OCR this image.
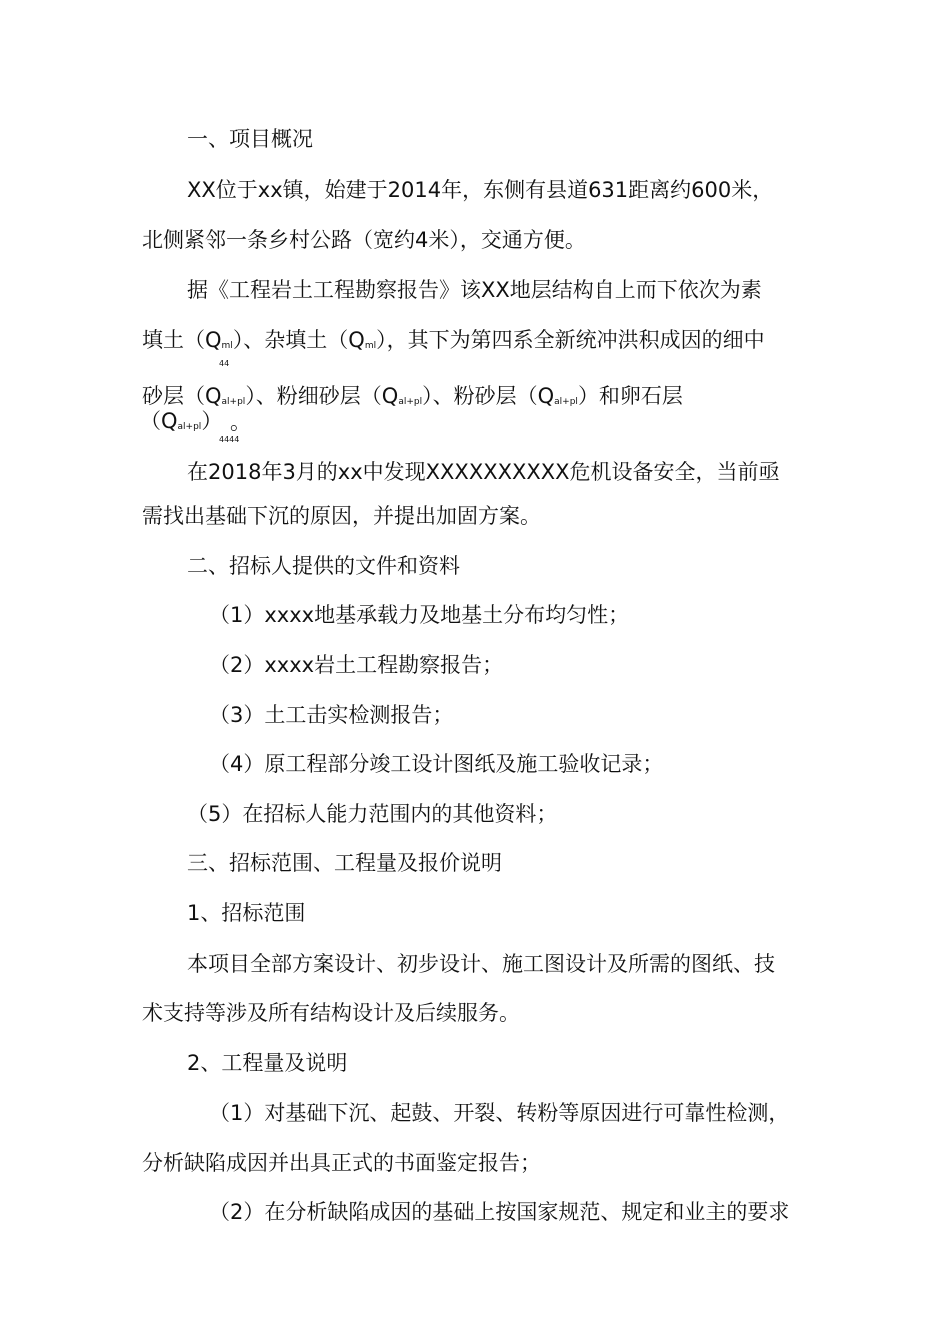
一、项目概况
XX位于xx镇，始建于2014年，东侧有县道631距离约600米，
北侧紧邻一条乡村公路（宽约4米），交通方便。
据《工程岩土工程勘察报告》该XX地层结构自上而下依次为素
填土（Qml）、杂填土（Qml），其下为第四系全新统冲洪积成因的细中
44
砂层（Qal+pl）、粉细砂层（Qal+pl）、粉砂层（Qal+pl）和卵石层
（Qal+pl） 。
4444
在2018年3月的xx中发现XXXXXXXXXX危机设备安全，当前亟
需找出基础下沉的原因，并提出加固方案。
二、招标人提供的文件和资料
（1）xxxx地基承载力及地基土分布均匀性；
（2）xxxx岩土工程勘察报告；
（3）土工击实检测报告；
（4）原工程部分竣工设计图纸及施工验收记录；
（5）在招标人能力范围内的其他资料；
三、招标范围、工程量及报价说明
1、招标范围
本项目全部方案设计、初步设计、施工图设计及所需的图纸、技
术支持等涉及所有结构设计及后续服务。
2、工程量及说明
（1）对基础下沉、起鼓、开裂、转粉等原因进行可靠性检测，
分析缺陷成因并出具正式的书面鉴定报告；
（2）在分析缺陷成因的基础上按国家规范、规定和业主的要求
